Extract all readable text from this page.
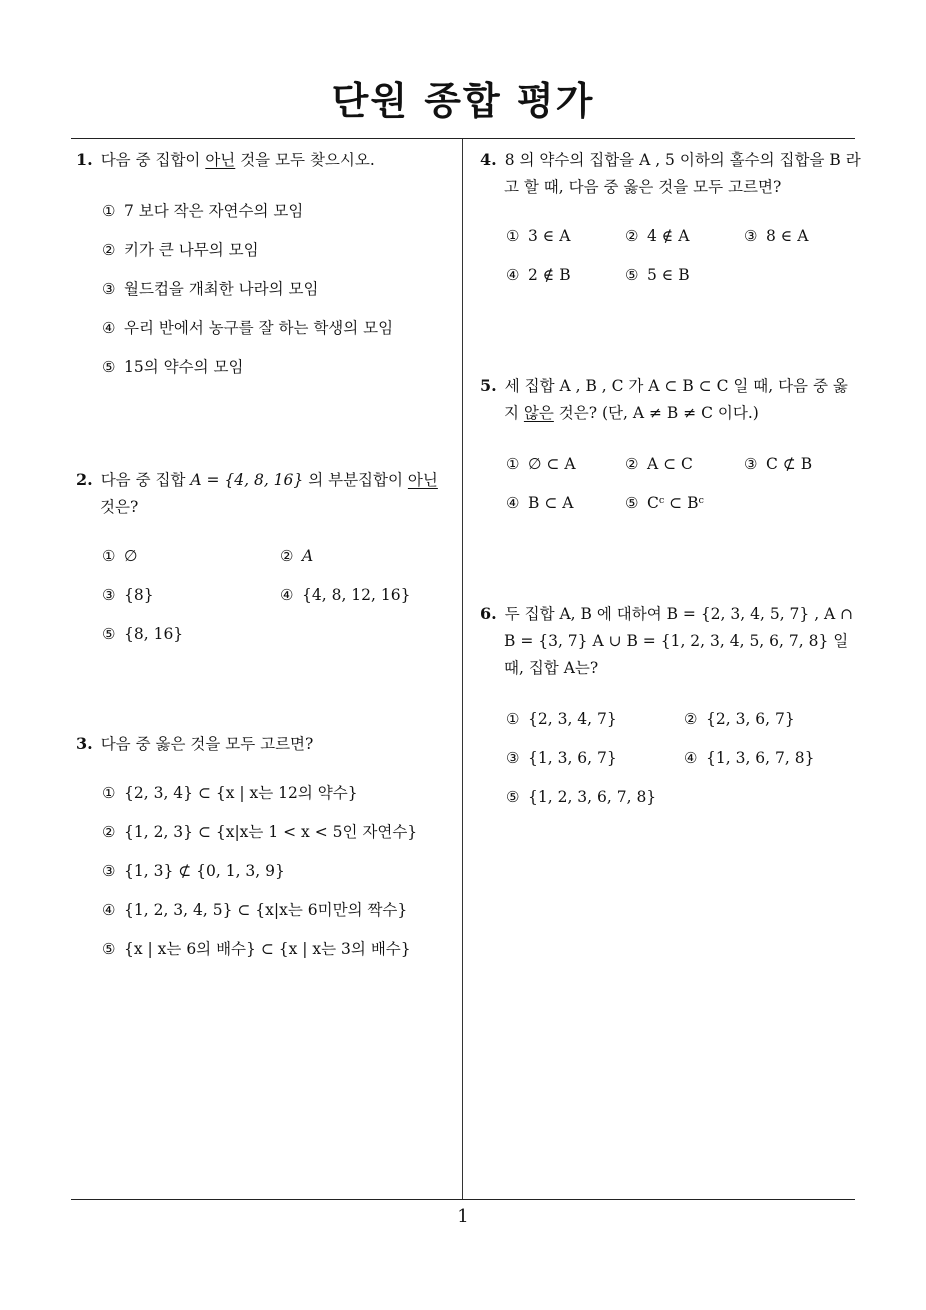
단원 종합 평가

1. 다음 중 집합이 아닌 것을 모두 찾으시오.

① 7 보다 작은 자연수의 모임
② 키가 큰 나무의 모임
③ 월드컵을 개최한 나라의 모임
④ 우리 반에서 농구를 잘 하는 학생의 모임
⑤ 15의 약수의 모임

2. 다음 중 집합 A = {4, 8, 16} 의 부분집합이 아닌 것은?

① ∅	② A
③ {8}	④ {4, 8, 12, 16}
⑤ {8, 16}

3. 다음 중 옳은 것을 모두 고르면?

① {2, 3, 4} ⊂ {x | x는 12의 약수}
② {1, 2, 3} ⊂ {x|x는 1 < x < 5인 자연수}
③ {1, 3} ⊄ {0, 1, 3, 9}
④ {1, 2, 3, 4, 5} ⊂ {x|x는 6미만의 짝수}
⑤ {x | x는 6의 배수} ⊂ {x | x는 3의 배수}

4. 8 의 약수의 집합을 A , 5 이하의 홀수의 집합을 B 라고 할 때, 다음 중 옳은 것을 모두 고르면?

① 3 ∈ A	② 4 ∉ A	③ 8 ∈ A
④ 2 ∉ B	⑤ 5 ∈ B

5. 세 집합 A , B , C 가 A ⊂ B ⊂ C 일 때, 다음 중 옳지 않은 것은? (단, A ≠ B ≠ C 이다.)

① ∅ ⊂ A	② A ⊂ C	③ C ⊄ B
④ B ⊂ A	⑤ Cᶜ ⊂ Bᶜ

6. 두 집합 A, B 에 대하여 B = {2, 3, 4, 5, 7} , A ∩ B = {3, 7} A ∪ B = {1, 2, 3, 4, 5, 6, 7, 8} 일 때, 집합 A는?

① {2, 3, 4, 7}	② {2, 3, 6, 7}
③ {1, 3, 6, 7}	④ {1, 3, 6, 7, 8}
⑤ {1, 2, 3, 6, 7, 8}
1
